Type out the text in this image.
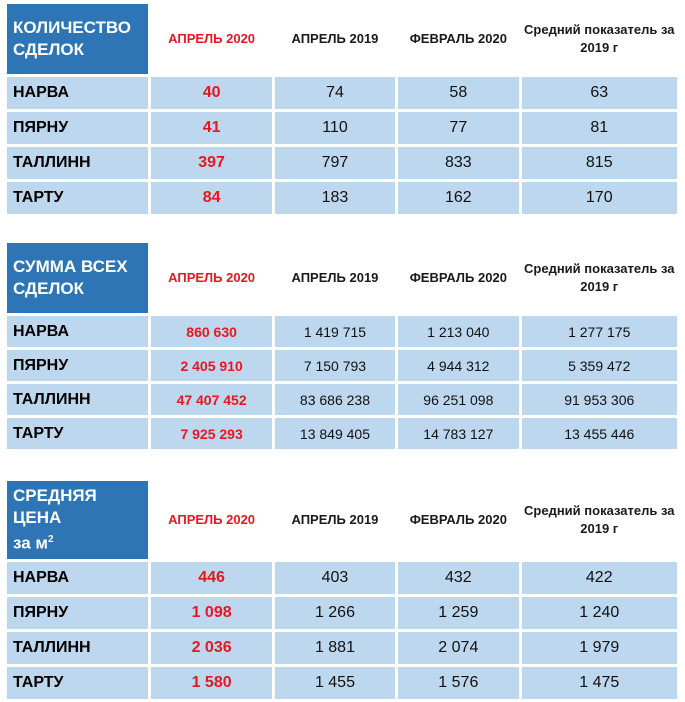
КОЛИЧЕСТВО СДЕЛОК	АПРЕЛЬ 2020	АПРЕЛЬ 2019	ФЕВРАЛЬ 2020	Средний показатель за 2019 г
НАРВА	40	74	58	63
ПЯРНУ	41	110	77	81
ТАЛЛИНН	397	797	833	815
ТАРТУ	84	183	162	170
СУММА ВСЕХ СДЕЛОК	АПРЕЛЬ 2020	АПРЕЛЬ 2019	ФЕВРАЛЬ 2020	Средний показатель за 2019 г
НАРВА	860 630	1 419 715	1 213 040	1 277 175
ПЯРНУ	2 405 910	7 150 793	4 944 312	5 359 472
ТАЛЛИНН	47 407 452	83 686 238	96 251 098	91 953 306
ТАРТУ	7 925 293	13 849 405	14 783 127	13 455 446
СРЕДНЯЯ ЦЕНА
за $м^2$	АПРЕЛЬ 2020	АПРЕЛЬ 2019	ФЕВРАЛЬ 2020	Средний показатель за 2019 г
НАРВА	446	403	432	422
ПЯРНУ	1 098	1 266	1 259	1 240
ТАЛЛИНН	2 036	1 881	2 074	1 979
ТАРТУ	1 580	1 455	1 576	1 475
